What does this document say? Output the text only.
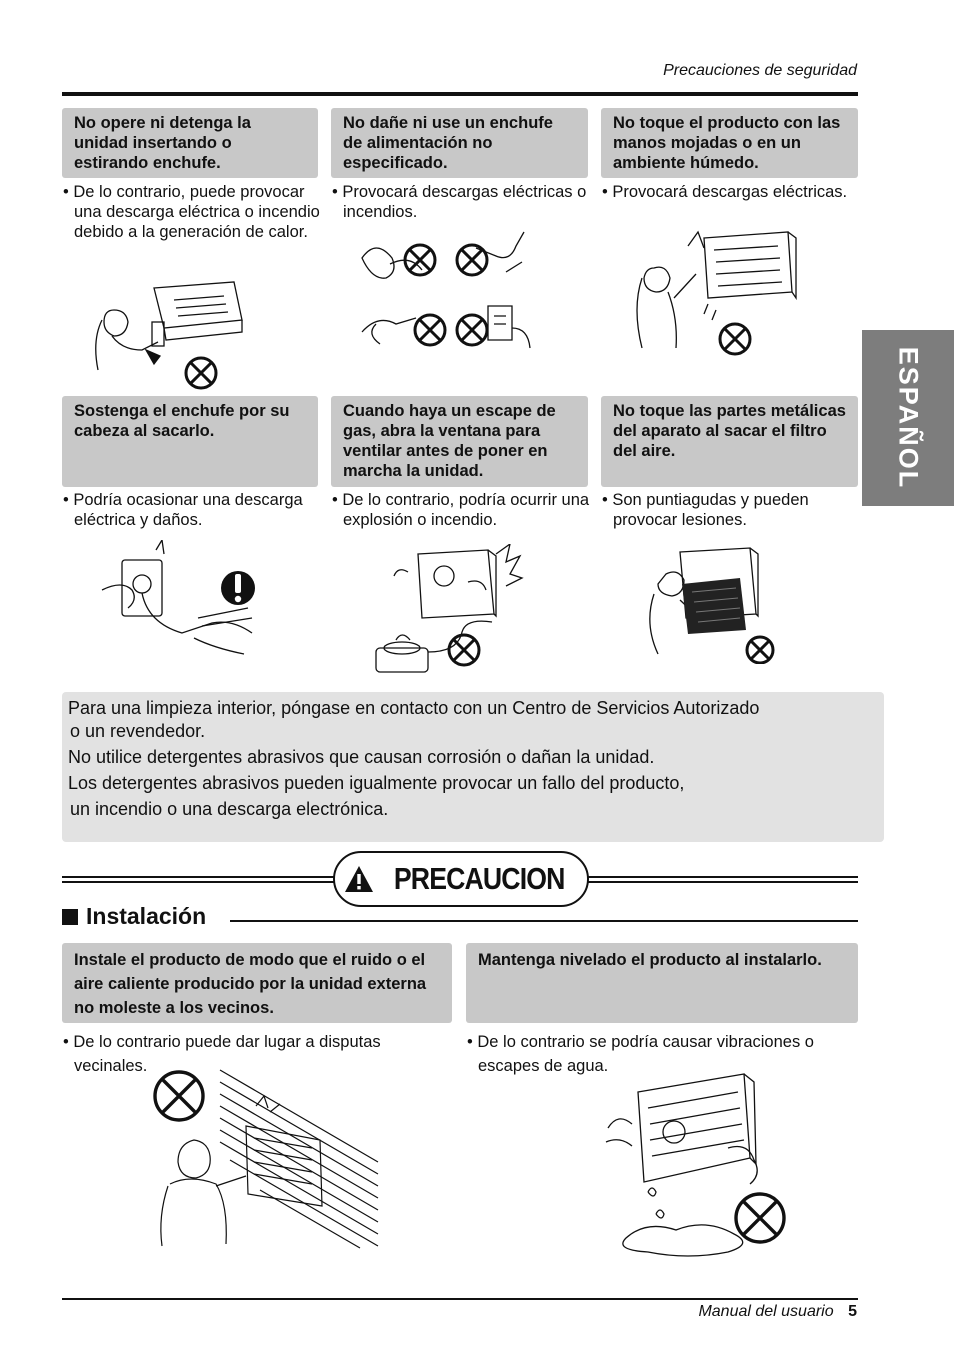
Precauciones de seguridad
ESPAÑOL
No opere ni detenga la unidad insertando o estirando enchufe.
• De lo contrario, puede provocar una descarga eléctrica o incendio debido a la generación de calor.
No dañe ni use un enchufe de alimentación no especificado.
• Provocará descargas eléctricas o incendios.
No toque el producto con las manos mojadas o en un ambiente húmedo.
• Provocará descargas eléctricas.
Sostenga el enchufe por su cabeza al sacarlo.
• Podría ocasionar una descarga eléctrica y daños.
Cuando haya un escape de gas, abra la ventana para ventilar antes de poner en marcha la unidad.
• De lo contrario, podría ocurrir una explosión o incendio.
No toque las partes metálicas del aparato al sacar el filtro del aire.
• Son puntiagudas y pueden provocar lesiones.
Para una limpieza interior, póngase en contacto con un Centro de Servicios Autorizado
o un revendedor.
No utilice detergentes abrasivos que causan corrosión o dañan la unidad.
Los detergentes abrasivos pueden igualmente provocar un fallo del producto,
un incendio o una descarga electrónica.
PRECAUCION
Instalación
Instale el producto de modo que el ruido o el aire caliente producido por la unidad externa no moleste a los vecinos.
• De lo contrario puede dar lugar a disputas vecinales.
Mantenga nivelado el producto al instalarlo.
• De lo contrario se podría causar vibraciones o escapes de agua.
Manual del usuario 5
